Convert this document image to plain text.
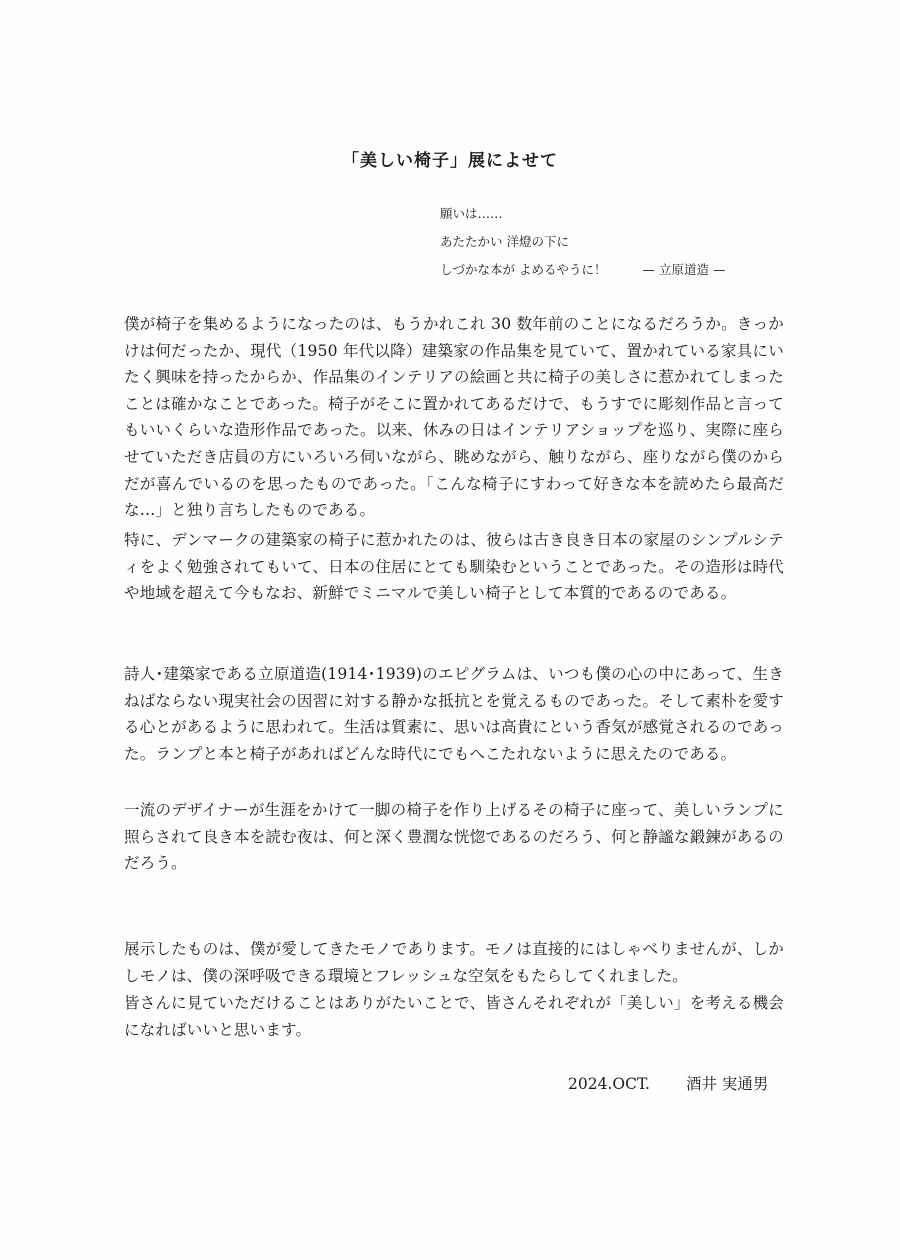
「美しい椅子」展によせて
願いは……
あたたかい 洋燈の下に
しづかな本が よめるやうに！	— 立原道造 —

僕が椅子を集めるようになったのは、もうかれこれ 30 数年前のことになるだろうか。きっかけは何だったか、現代（1950 年代以降）建築家の作品集を見ていて、置かれている家具にいたく興味を持ったからか、作品集のインテリアの絵画と共に椅子の美しさに惹かれてしまったことは確かなことであった。椅子がそこに置かれてあるだけで、もうすでに彫刻作品と言ってもいいくらいな造形作品であった。以来、休みの日はインテリアショップを巡り、実際に座らせていただき店員の方にいろいろ伺いながら、眺めながら、触りながら、座りながら僕のからだが喜んでいるのを思ったものであった。「こんな椅子にすわって好きな本を読めたら最高だな…」と独り言ちしたものである。

特に、デンマークの建築家の椅子に惹かれたのは、彼らは古き良き日本の家屋のシンプルシティをよく勉強されてもいて、日本の住居にとても馴染むということであった。その造形は時代や地域を超えて今もなお、新鮮でミニマルで美しい椅子として本質的であるのである。

詩人･建築家である立原道造(1914･1939)のエピグラムは、いつも僕の心の中にあって、生きねばならない現実社会の因習に対する静かな抵抗とを覚えるものであった。そして素朴を愛する心とがあるように思われて。生活は質素に、思いは高貴にという香気が感覚されるのであった。ランプと本と椅子があればどんな時代にでもへこたれないように思えたのである。

一流のデザイナーが生涯をかけて一脚の椅子を作り上げるその椅子に座って、美しいランプに照らされて良き本を読む夜は、何と深く豊潤な恍惚であるのだろう、何と静謐な鍛錬があるのだろう。

展示したものは、僕が愛してきたモノであります。モノは直接的にはしゃべりませんが、しかしモノは、僕の深呼吸できる環境とフレッシュな空気をもたらしてくれました。

皆さんに見ていただけることはありがたいことで、皆さんそれぞれが「美しい」を考える機会になればいいと思います。

2024.OCT. 酒井 実通男
